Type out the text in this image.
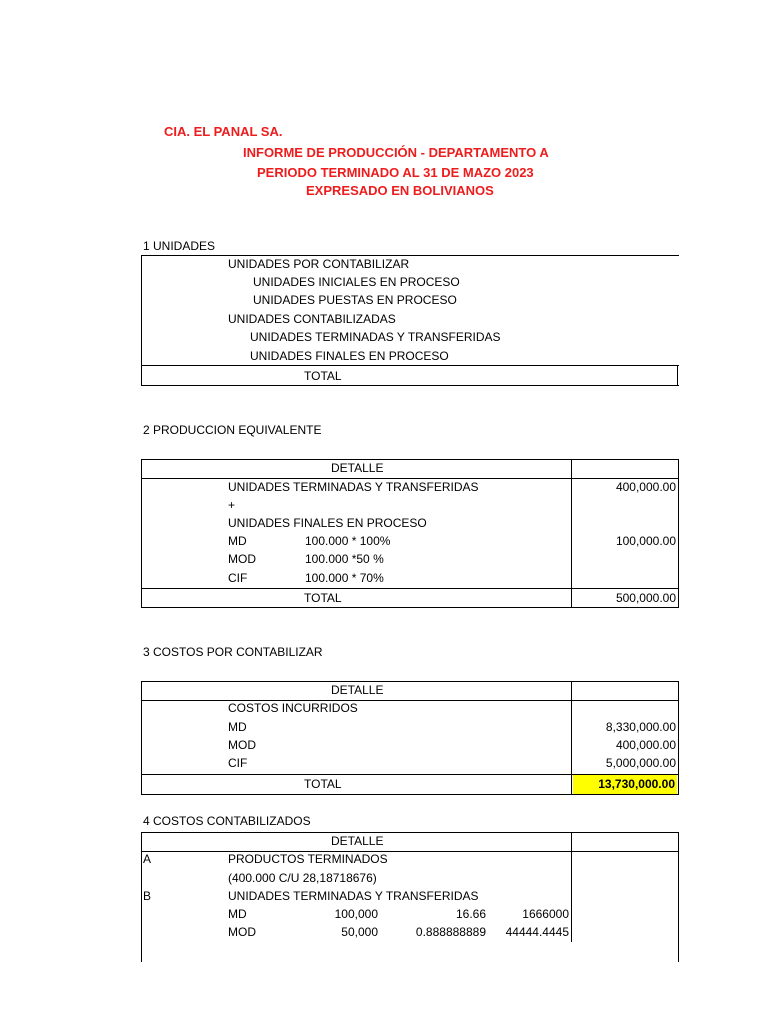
CIA. EL PANAL SA.
INFORME DE PRODUCCIÓN - DEPARTAMENTO A
PERIODO TERMINADO AL 31 DE MAZO 2023
EXPRESADO EN BOLIVIANOS
1 UNIDADES
UNIDADES POR CONTABILIZAR
UNIDADES INICIALES EN PROCESO
UNIDADES PUESTAS EN PROCESO
UNIDADES CONTABILIZADAS
UNIDADES TERMINADAS Y TRANSFERIDAS
UNIDADES FINALES EN PROCESO
TOTAL
2 PRODUCCION EQUIVALENTE
DETALLE
UNIDADES TERMINADAS Y TRANSFERIDAS	400,000.00
+
UNIDADES FINALES EN PROCESO
MD	100.000 * 100%	100,000.00
MOD	100.000 *50 %
CIF	100.000 * 70%
TOTAL	500,000.00
3 COSTOS POR CONTABILIZAR
DETALLE
COSTOS INCURRIDOS
MD	8,330,000.00
MOD	400,000.00
CIF	5,000,000.00
TOTAL	13,730,000.00
4 COSTOS CONTABILIZADOS
DETALLE
A	PRODUCTOS TERMINADOS
(400.000 C/U 28,18718676)
B	UNIDADES TERMINADAS Y TRANSFERIDAS
MD	100,000	16.66	1666000
MOD	50,000	0.888888889	44444.4445
